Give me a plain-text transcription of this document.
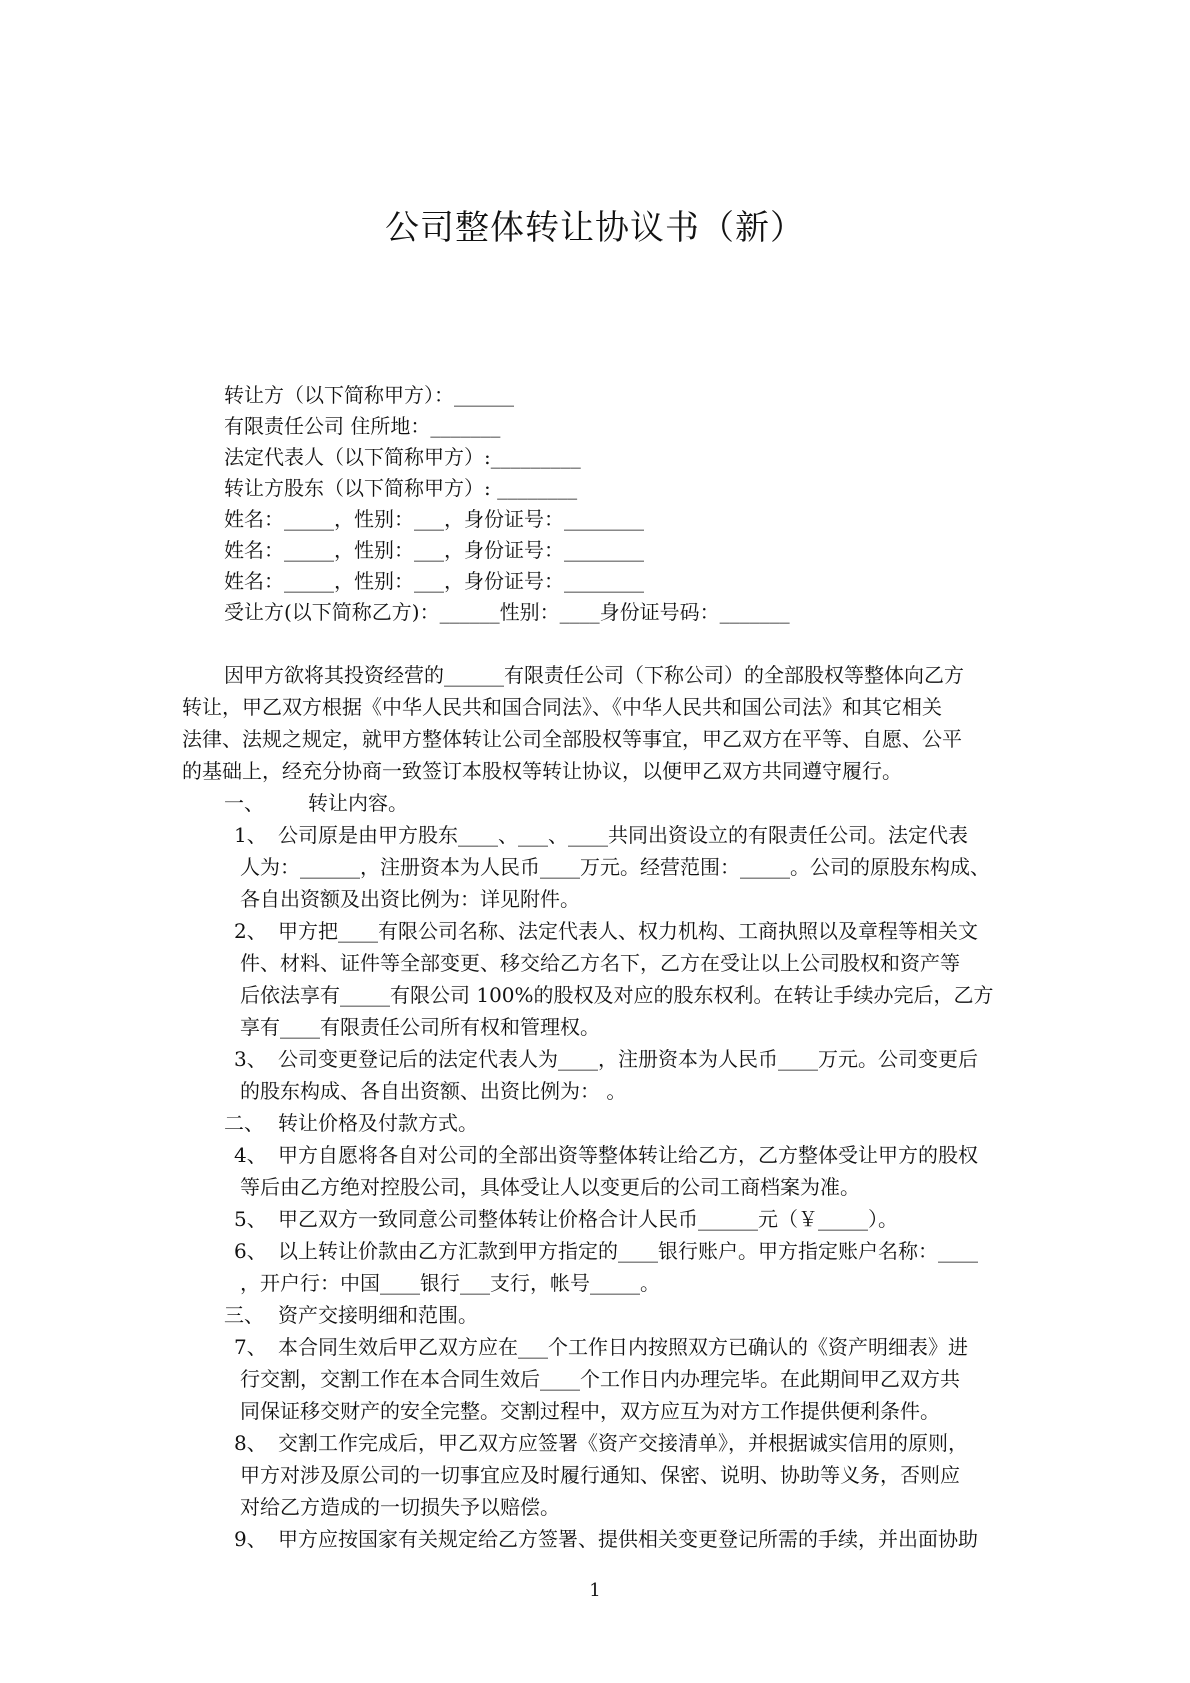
公司整体转让协议书（新）
转让方（以下简称甲方）：______
有限责任公司 住所地：_______
法定代表人（以下简称甲方）:_________
转让方股东（以下简称甲方）: ________
姓名：_____，性别：___，身份证号：________
姓名：_____，性别：___，身份证号：________
姓名：_____，性别：___，身份证号：________
受让方(以下简称乙方)：______性别：____身份证号码：_______
因甲方欲将其投资经营的______有限责任公司（下称公司）的全部股权等整体向乙方
转让，甲乙双方根据《中华人民共和国合同法》、《中华人民共和国公司法》和其它相关
法律、法规之规定，就甲方整体转让公司全部股权等事宜，甲乙双方在平等、自愿、公平
的基础上，经充分协商一致签订本股权等转让协议，以便甲乙双方共同遵守履行。
一、 转让内容。
1、 公司原是由甲方股东____、___、____共同出资设立的有限责任公司。法定代表
人为：______，注册资本为人民币____万元。经营范围：_____。公司的原股东构成、
各自出资额及出资比例为：详见附件。
2、 甲方把____有限公司名称、法定代表人、权力机构、工商执照以及章程等相关文
件、材料、证件等全部变更、移交给乙方名下，乙方在受让以上公司股权和资产等
后依法享有_____有限公司 100%的股权及对应的股东权利。在转让手续办完后，乙方
享有____有限责任公司所有权和管理权。
3、 公司变更登记后的法定代表人为____，注册资本为人民币____万元。公司变更后
的股东构成、各自出资额、出资比例为： 。
二、 转让价格及付款方式。
4、 甲方自愿将各自对公司的全部出资等整体转让给乙方，乙方整体受让甲方的股权
等后由乙方绝对控股公司，具体受让人以变更后的公司工商档案为准。
5、 甲乙双方一致同意公司整体转让价格合计人民币______元（￥_____）。
6、 以上转让价款由乙方汇款到甲方指定的____银行账户。甲方指定账户名称：____
，开户行：中国____银行___支行，帐号_____。
三、 资产交接明细和范围。
7、 本合同生效后甲乙双方应在___个工作日内按照双方已确认的《资产明细表》进
行交割，交割工作在本合同生效后____个工作日内办理完毕。在此期间甲乙双方共
同保证移交财产的安全完整。交割过程中，双方应互为对方工作提供便利条件。
8、 交割工作完成后，甲乙双方应签署《资产交接清单》，并根据诚实信用的原则，
甲方对涉及原公司的一切事宜应及时履行通知、保密、说明、协助等义务，否则应
对给乙方造成的一切损失予以赔偿。
9、 甲方应按国家有关规定给乙方签署、提供相关变更登记所需的手续，并出面协助
1
